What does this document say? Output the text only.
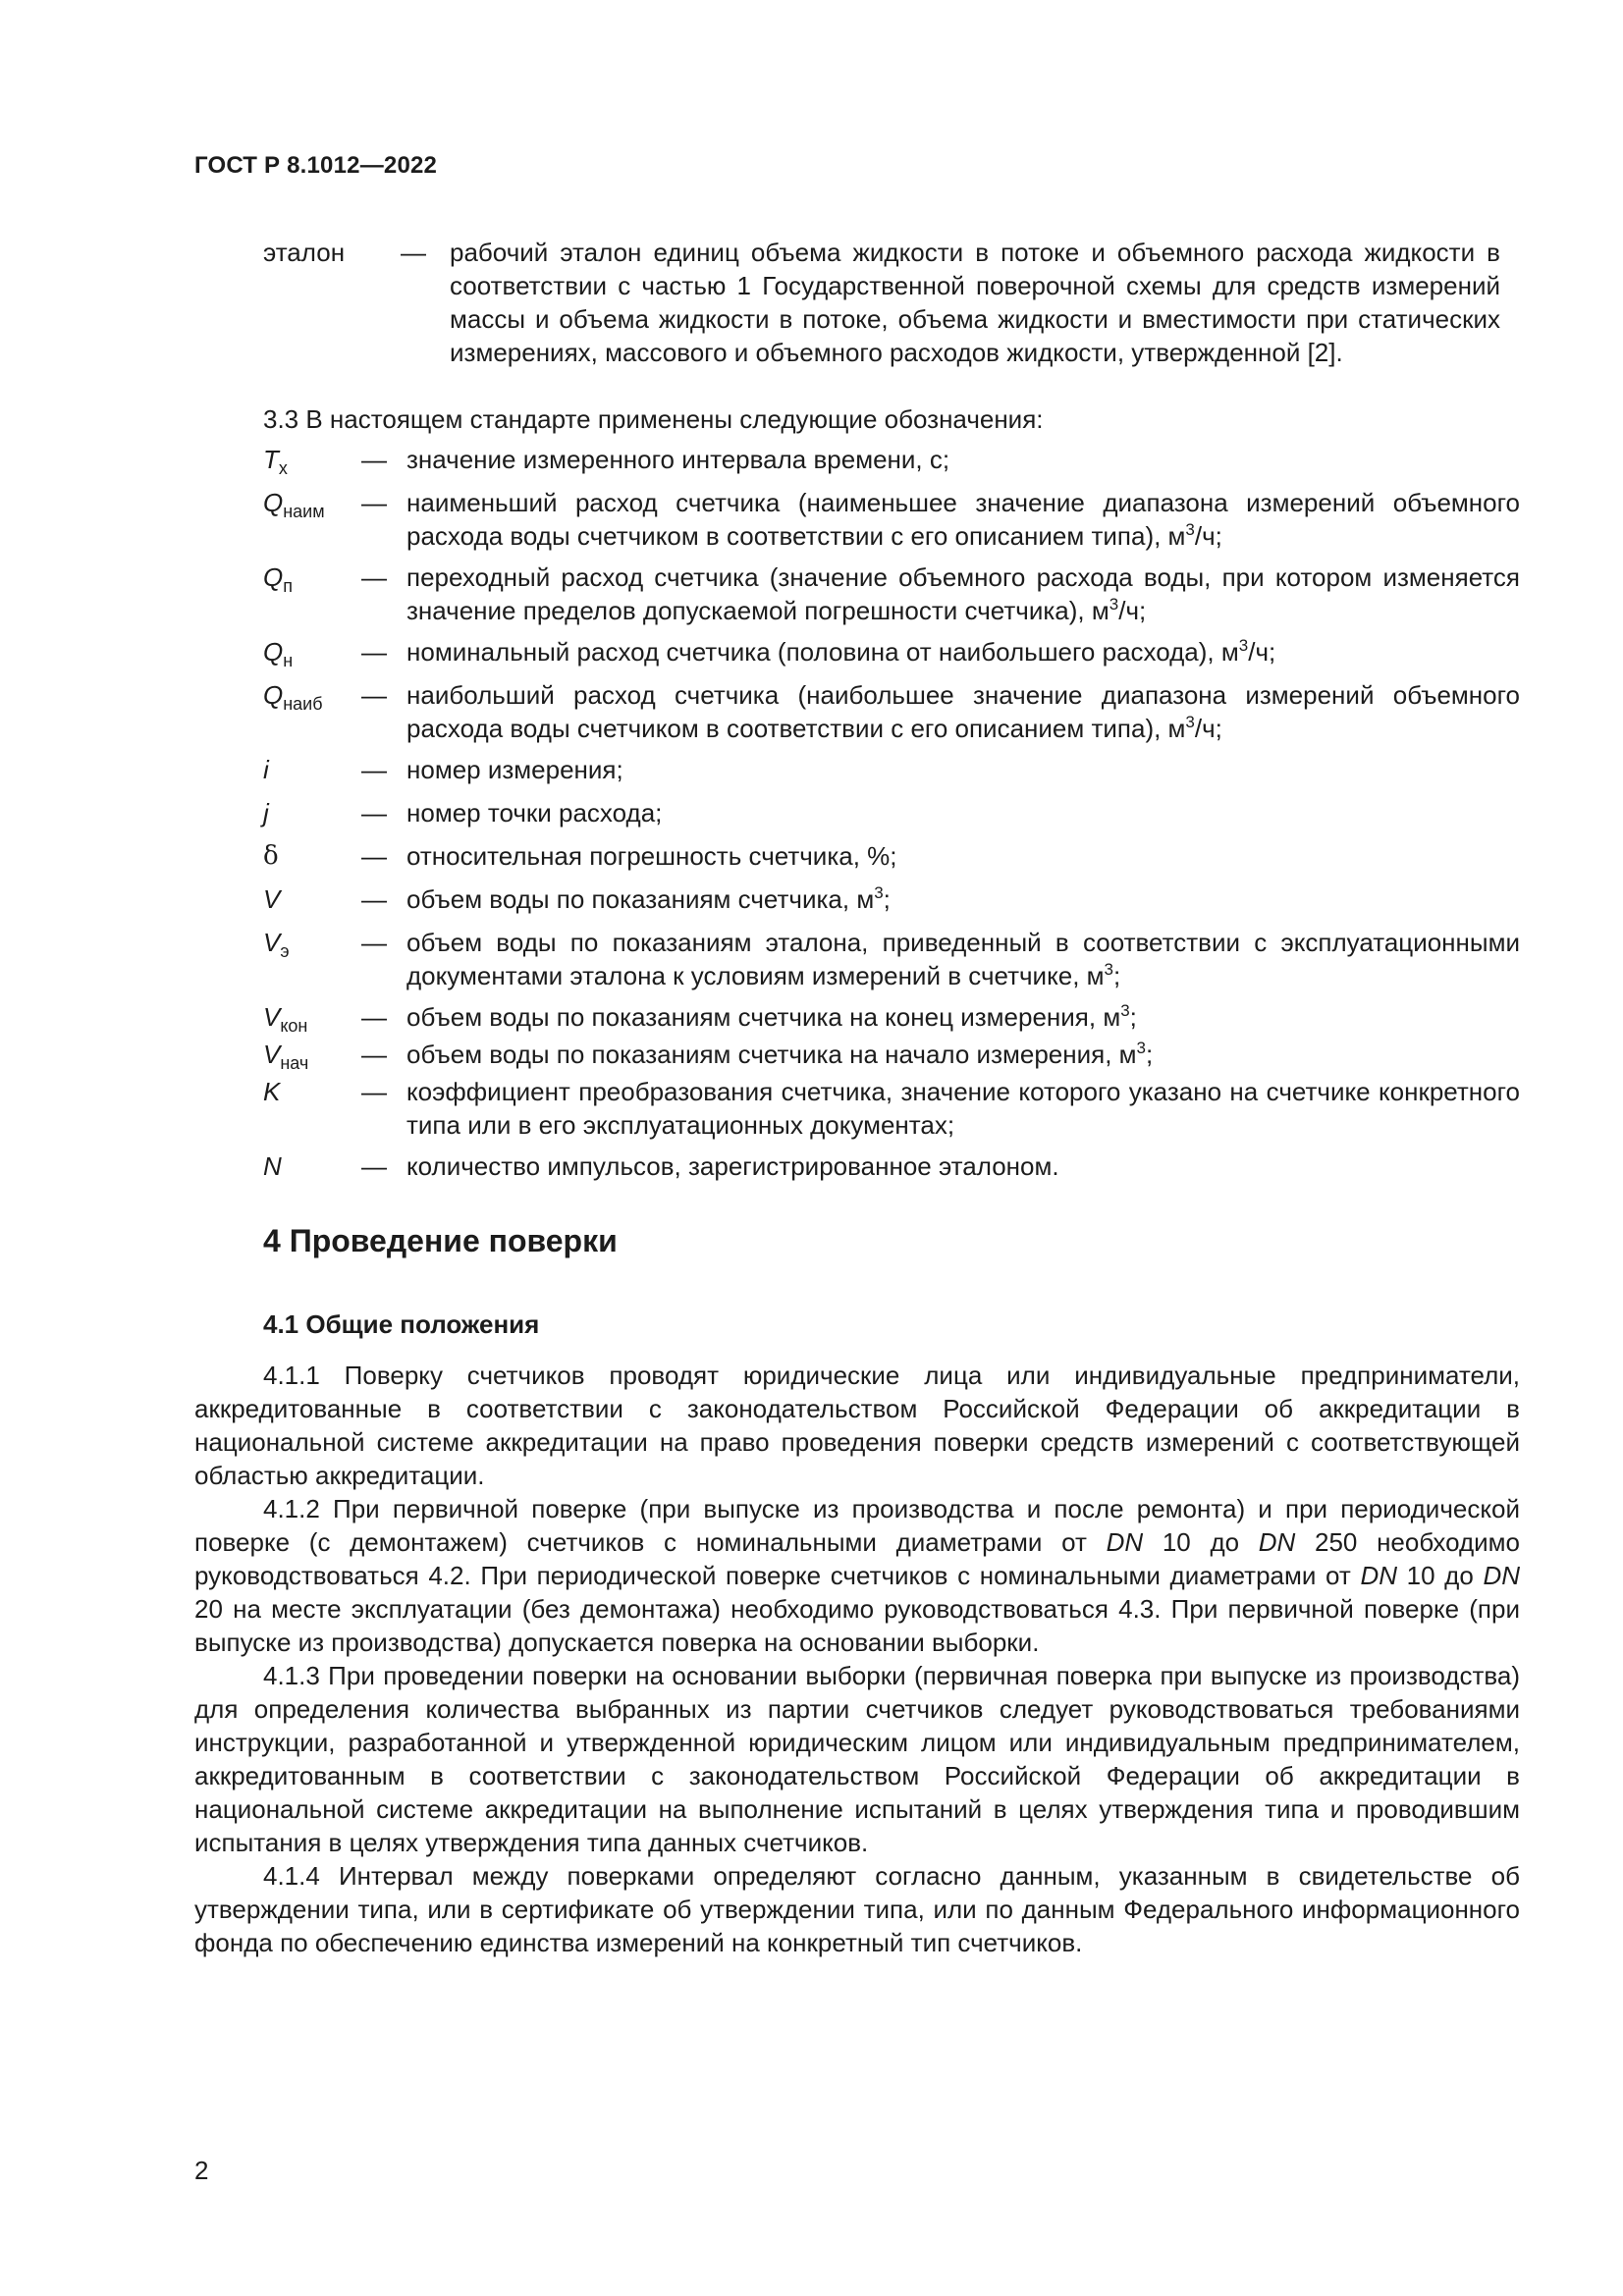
ГОСТ Р 8.1012—2022
эталон	— рабочий эталон единиц объема жидкости в потоке и объемного расхода жидкости в соответствии с частью 1 Государственной поверочной схемы для средств измерений массы и объема жидкости в потоке, объема жидкости и вместимости при статических измерениях, массового и объемного расходов жидкости, утвержденной [2].
3.3 В настоящем стандарте применены следующие обозначения:
$T_x$	— значение измеренного интервала времени, с;
$Q_{наим}$	— наименьший расход счетчика (наименьшее значение диапазона измерений объемного расхода воды счетчиком в соответствии с его описанием типа), $м^3/ч$;
$Q_п$	— переходный расход счетчика (значение объемного расхода воды, при котором изменяется значение пределов допускаемой погрешности счетчика), $м^3/ч$;
$Q_н$	— номинальный расход счетчика (половина от наибольшего расхода), $м^3/ч$;
$Q_{наиб}$	— наибольший расход счетчика (наибольшее значение диапазона измерений объемного расхода воды счетчиком в соответствии с его описанием типа), $м^3/ч$;
i	— номер измерения;
j	— номер точки расхода;
δ	— относительная погрешность счетчика, %;
V	— объем воды по показаниям счетчика, $м^3$;
$V_э$	— объем воды по показаниям эталона, приведенный в соответствии с эксплуатационными документами эталона к условиям измерений в счетчике, $м^3$;
$V_{кон}$	— объем воды по показаниям счетчика на конец измерения, $м^3$;
$V_{нач}$	— объем воды по показаниям счетчика на начало измерения, $м^3$;
K	— коэффициент преобразования счетчика, значение которого указано на счетчике конкретного типа или в его эксплуатационных документах;
N	— количество импульсов, зарегистрированное эталоном.
4 Проведение поверки
4.1 Общие положения

4.1.1 Поверку счетчиков проводят юридические лица или индивидуальные предприниматели, аккредитованные в соответствии с законодательством Российской Федерации об аккредитации в национальной системе аккредитации на право проведения поверки средств измерений с соответствующей областью аккредитации.

4.1.2 При первичной поверке (при выпуске из производства и после ремонта) и при периодической поверке (с демонтажем) счетчиков с номинальными диаметрами от DN 10 до DN 250 необходимо руководствоваться 4.2. При периодической поверке счетчиков с номинальными диаметрами от DN 10 до DN 20 на месте эксплуатации (без демонтажа) необходимо руководствоваться 4.3. При первичной поверке (при выпуске из производства) допускается поверка на основании выборки.

4.1.3 При проведении поверки на основании выборки (первичная поверка при выпуске из производства) для определения количества выбранных из партии счетчиков следует руководствоваться требованиями инструкции, разработанной и утвержденной юридическим лицом или индивидуальным предпринимателем, аккредитованным в соответствии с законодательством Российской Федерации об аккредитации в национальной системе аккредитации на выполнение испытаний в целях утверждения типа и проводившим испытания в целях утверждения типа данных счетчиков.

4.1.4 Интервал между поверками определяют согласно данным, указанным в свидетельстве об утверждении типа, или в сертификате об утверждении типа, или по данным Федерального информационного фонда по обеспечению единства измерений на конкретный тип счетчиков.

2
